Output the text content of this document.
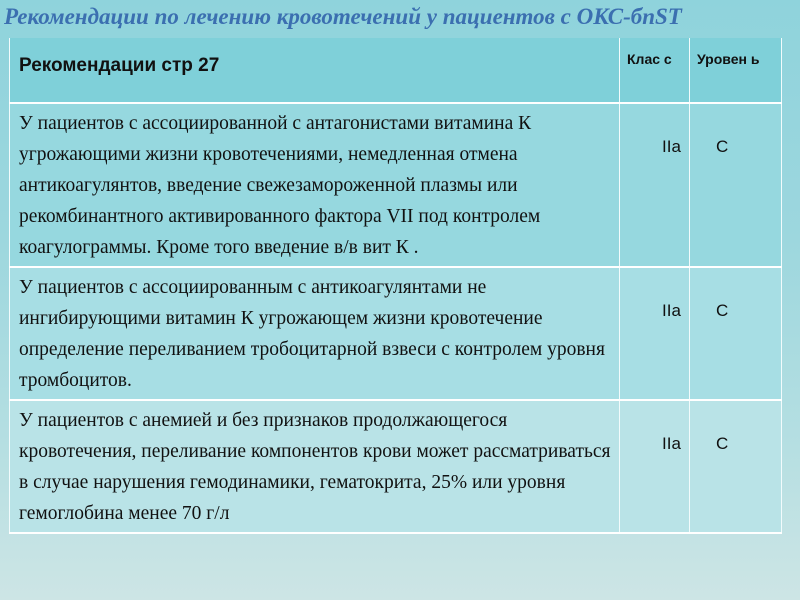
Рекомендации по лечению кровотечений у пациентов с ОКС-бпST
Рекомендации стр 27	Клас с	Уровен ь

У пациентов с ассоциированной с антагонистами витамина К угрожающими жизни кровотечениями, немедленная отмена антикоагулянтов, введение свежезамороженной плазмы или рекомбинантного активированного фактора VII под контролем коагулограммы. Кроме того введение в/в вит К .	IIa	C

У пациентов с ассоциированным с антикоагулянтами не ингибирующими витамин К угрожающем жизни кровотечение определение переливанием тробоцитарной взвеси с контролем уровня тромбоцитов.	IIa	C

У пациентов с анемией и без признаков продолжающегося кровотечения, переливание компонентов крови может рассматриваться в случае нарушения гемодинамики, гематокрита, 25% или уровня гемоглобина менее 70 г/л	IIa	C
